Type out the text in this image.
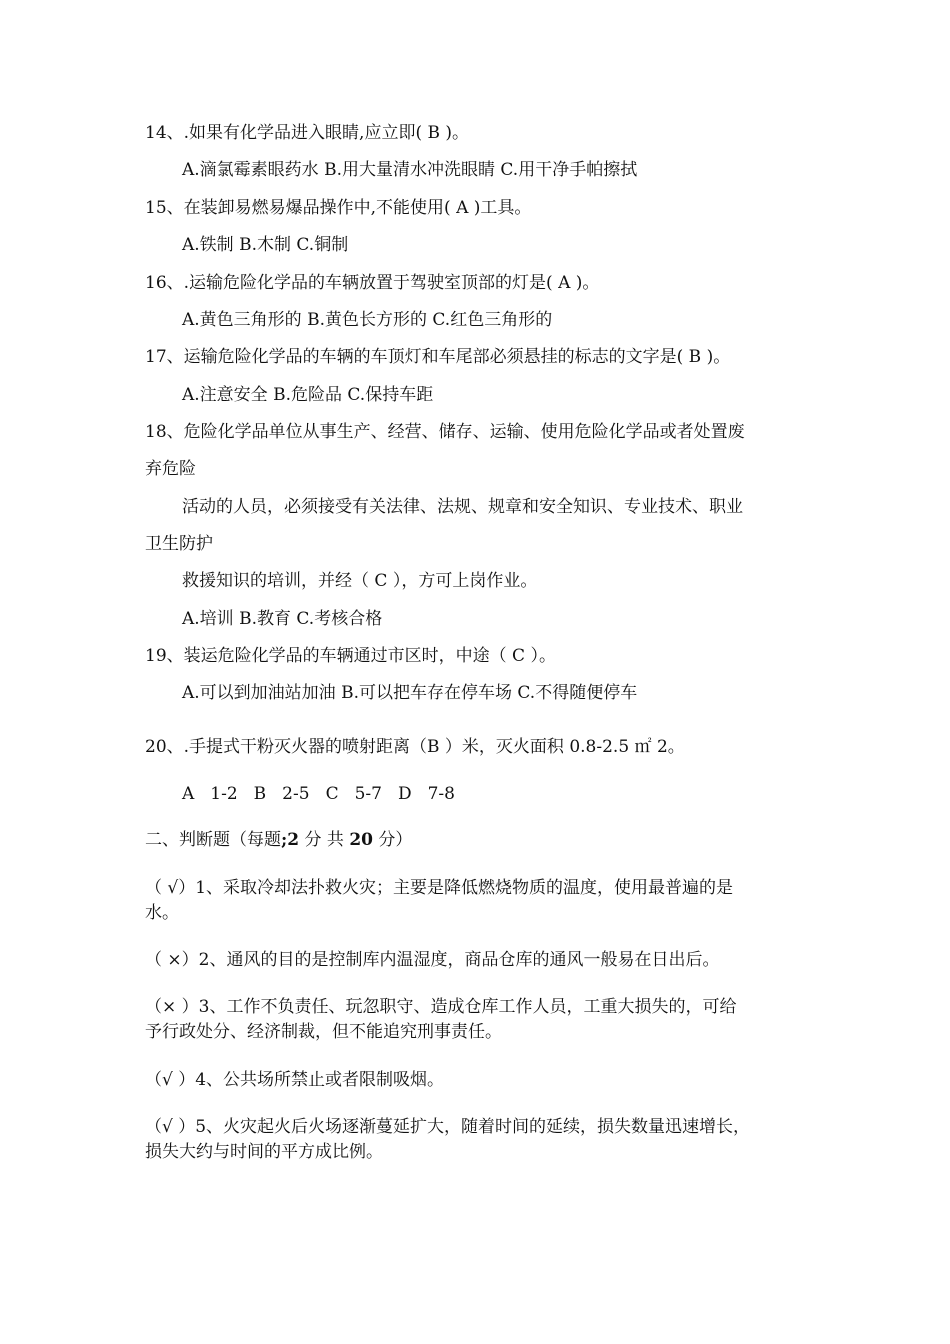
14、.如果有化学品进入眼睛,应立即( B )。
A.滴氯霉素眼药水 B.用大量清水冲洗眼睛 C.用干净手帕擦拭
15、在装卸易燃易爆品操作中,不能使用( A )工具。
A.铁制 B.木制 C.铜制
16、.运输危险化学品的车辆放置于驾驶室顶部的灯是( A )。
A.黄色三角形的 B.黄色长方形的 C.红色三角形的
17、运输危险化学品的车辆的车顶灯和车尾部必须悬挂的标志的文字是( B )。
A.注意安全 B.危险品 C.保持车距
18、危险化学品单位从事生产、经营、储存、运输、使用危险化学品或者处置废
弃危险
活动的人员，必须接受有关法律、法规、规章和安全知识、专业技术、职业
卫生防护
救援知识的培训，并经（ C ），方可上岗作业。
A.培训 B.教育 C.考核合格
19、装运危险化学品的车辆通过市区时，中途（ C ）。
A.可以到加油站加油 B.可以把车存在停车场 C.不得随便停车
20、.手提式干粉灭火器的喷射距离（B ）米，灭火面积 0.8-2.5 ㎡ 2。
A 1-2 B 2-5 C 5-7 D 7-8
二、判断题（每题;2 分 共 20 分）
（ √）1、采取冷却法扑救火灾；主要是降低燃烧物质的温度，使用最普遍的是
水。
（ ×）2、通风的目的是控制库内温湿度，商品仓库的通风一般易在日出后。
（× ）3、工作不负责任、玩忽职守、造成仓库工作人员，工重大损失的，可给
予行政处分、经济制裁，但不能追究刑事责任。
（√ ）4、公共场所禁止或者限制吸烟。
（√ ）5、火灾起火后火场逐渐蔓延扩大，随着时间的延续，损失数量迅速增长，
损失大约与时间的平方成比例。
